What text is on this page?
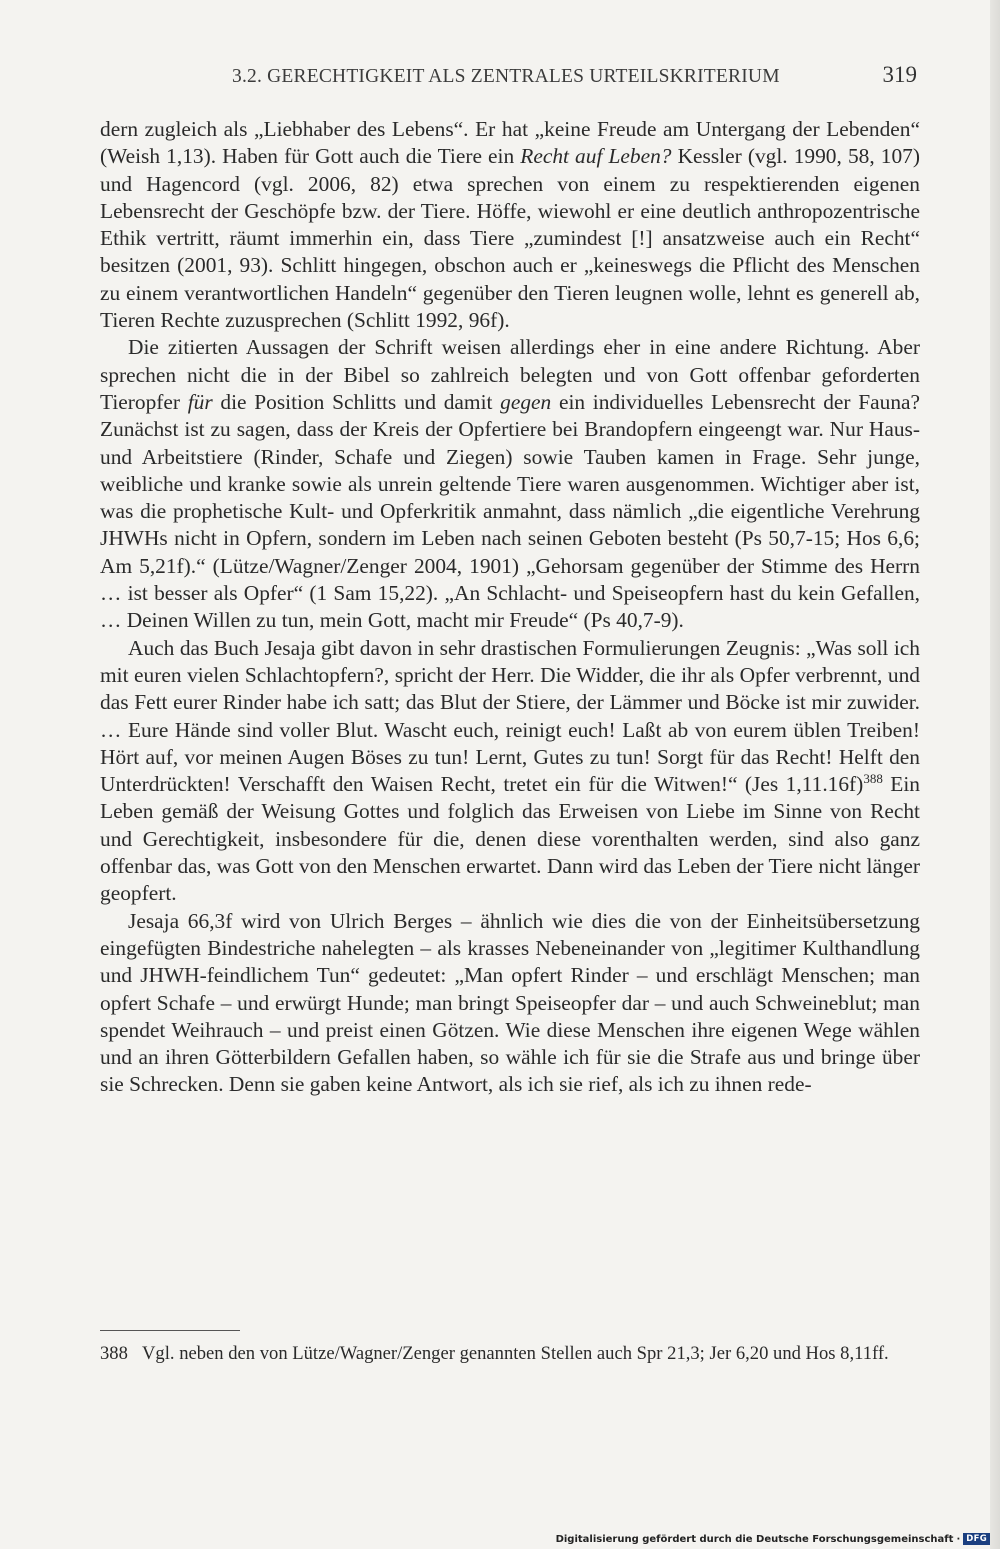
3.2. GERECHTIGKEIT ALS ZENTRALES URTEILSKRITERIUM	319

dern zugleich als „Liebhaber des Lebens“. Er hat „keine Freude am Untergang der Lebenden“ (Weish 1,13). Haben für Gott auch die Tiere ein Recht auf Leben? Kessler (vgl. 1990, 58, 107) und Hagencord (vgl. 2006, 82) etwa sprechen von einem zu respektierenden eigenen Lebensrecht der Geschöpfe bzw. der Tiere. Höffe, wiewohl er eine deutlich anthropozentrische Ethik vertritt, räumt immerhin ein, dass Tiere „zumindest [!] ansatzweise auch ein Recht“ besitzen (2001, 93). Schlitt hingegen, obschon auch er „keineswegs die Pflicht des Menschen zu einem verantwortlichen Handeln“ gegenüber den Tieren leugnen wolle, lehnt es generell ab, Tieren Rechte zuzusprechen (Schlitt 1992, 96f).

Die zitierten Aussagen der Schrift weisen allerdings eher in eine andere Richtung. Aber sprechen nicht die in der Bibel so zahlreich belegten und von Gott offenbar geforderten Tieropfer für die Position Schlitts und damit gegen ein individuelles Lebensrecht der Fauna? Zunächst ist zu sagen, dass der Kreis der Opfertiere bei Brandopfern eingeengt war. Nur Haus- und Arbeitstiere (Rinder, Schafe und Ziegen) sowie Tauben kamen in Frage. Sehr junge, weibliche und kranke sowie als unrein geltende Tiere waren ausgenommen. Wichtiger aber ist, was die prophetische Kult- und Opferkritik anmahnt, dass nämlich „die eigentliche Verehrung JHWHs nicht in Opfern, sondern im Leben nach seinen Geboten besteht (Ps 50,7-15; Hos 6,6; Am 5,21f).“ (Lütze/Wagner/Zenger 2004, 1901) „Gehorsam gegenüber der Stimme des Herrn … ist besser als Opfer“ (1 Sam 15,22). „An Schlacht- und Speiseopfern hast du kein Gefallen, … Deinen Willen zu tun, mein Gott, macht mir Freude“ (Ps 40,7-9).

Auch das Buch Jesaja gibt davon in sehr drastischen Formulierungen Zeugnis: „Was soll ich mit euren vielen Schlachtopfern?, spricht der Herr. Die Widder, die ihr als Opfer verbrennt, und das Fett eurer Rinder habe ich satt; das Blut der Stiere, der Lämmer und Böcke ist mir zuwider. … Eure Hände sind voller Blut. Wascht euch, reinigt euch! Laßt ab von eurem üblen Treiben! Hört auf, vor meinen Augen Böses zu tun! Lernt, Gutes zu tun! Sorgt für das Recht! Helft den Unterdrückten! Verschafft den Waisen Recht, tretet ein für die Witwen!“ (Jes 1,11.16f)$^{388}$ Ein Leben gemäß der Weisung Gottes und folglich das Erweisen von Liebe im Sinne von Recht und Gerechtigkeit, insbesondere für die, denen diese vorenthalten werden, sind also ganz offenbar das, was Gott von den Menschen erwartet. Dann wird das Leben der Tiere nicht länger geopfert.

Jesaja 66,3f wird von Ulrich Berges – ähnlich wie dies die von der Einheitsübersetzung eingefügten Bindestriche nahelegten – als krasses Nebeneinander von „legitimer Kulthandlung und JHWH-feindlichem Tun“ gedeutet: „Man opfert Rinder – und erschlägt Menschen; man opfert Schafe – und erwürgt Hunde; man bringt Speiseopfer dar – und auch Schweineblut; man spendet Weihrauch – und preist einen Götzen. Wie diese Menschen ihre eigenen Wege wählen und an ihren Götterbildern Gefallen haben, so wähle ich für sie die Strafe aus und bringe über sie Schrecken. Denn sie gaben keine Antwort, als ich sie rief, als ich zu ihnen rede-

388 Vgl. neben den von Lütze/Wagner/Zenger genannten Stellen auch Spr 21,3; Jer 6,20 und Hos 8,11ff.
Digitalisierung gefördert durch die Deutsche Forschungsgemeinschaft · DFG
